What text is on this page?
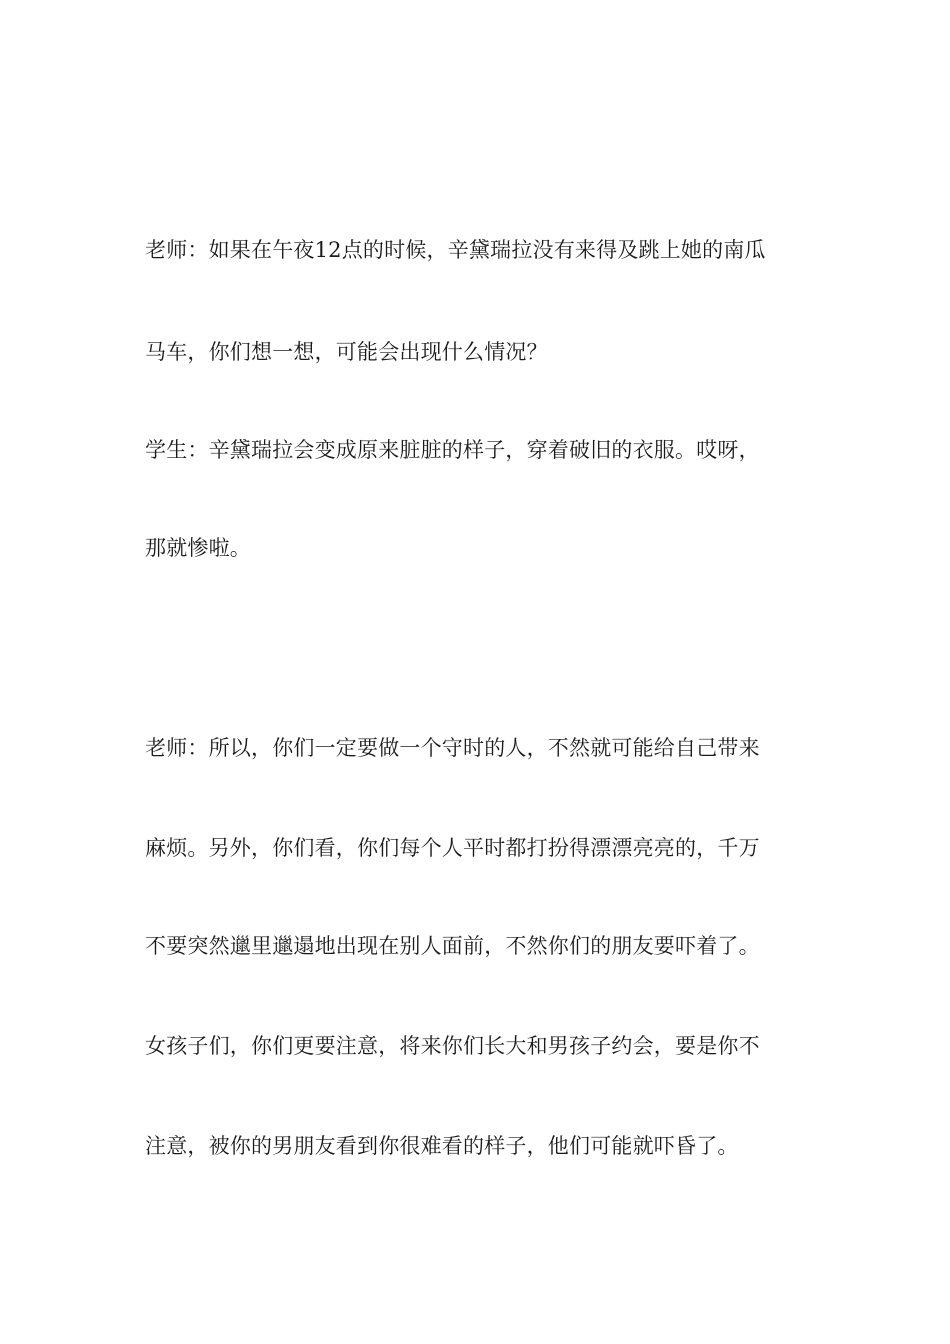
老师：如果在午夜12点的时候，辛黛瑞拉没有来得及跳上她的南瓜
马车，你们想一想，可能会出现什么情况？
学生：辛黛瑞拉会变成原来脏脏的样子，穿着破旧的衣服。哎呀，
那就惨啦。
老师：所以，你们一定要做一个守时的人，不然就可能给自己带来
麻烦。另外，你们看，你们每个人平时都打扮得漂漂亮亮的，千万
不要突然邋里邋遢地出现在别人面前，不然你们的朋友要吓着了。
女孩子们，你们更要注意，将来你们长大和男孩子约会，要是你不
注意，被你的男朋友看到你很难看的样子，他们可能就吓昏了。
